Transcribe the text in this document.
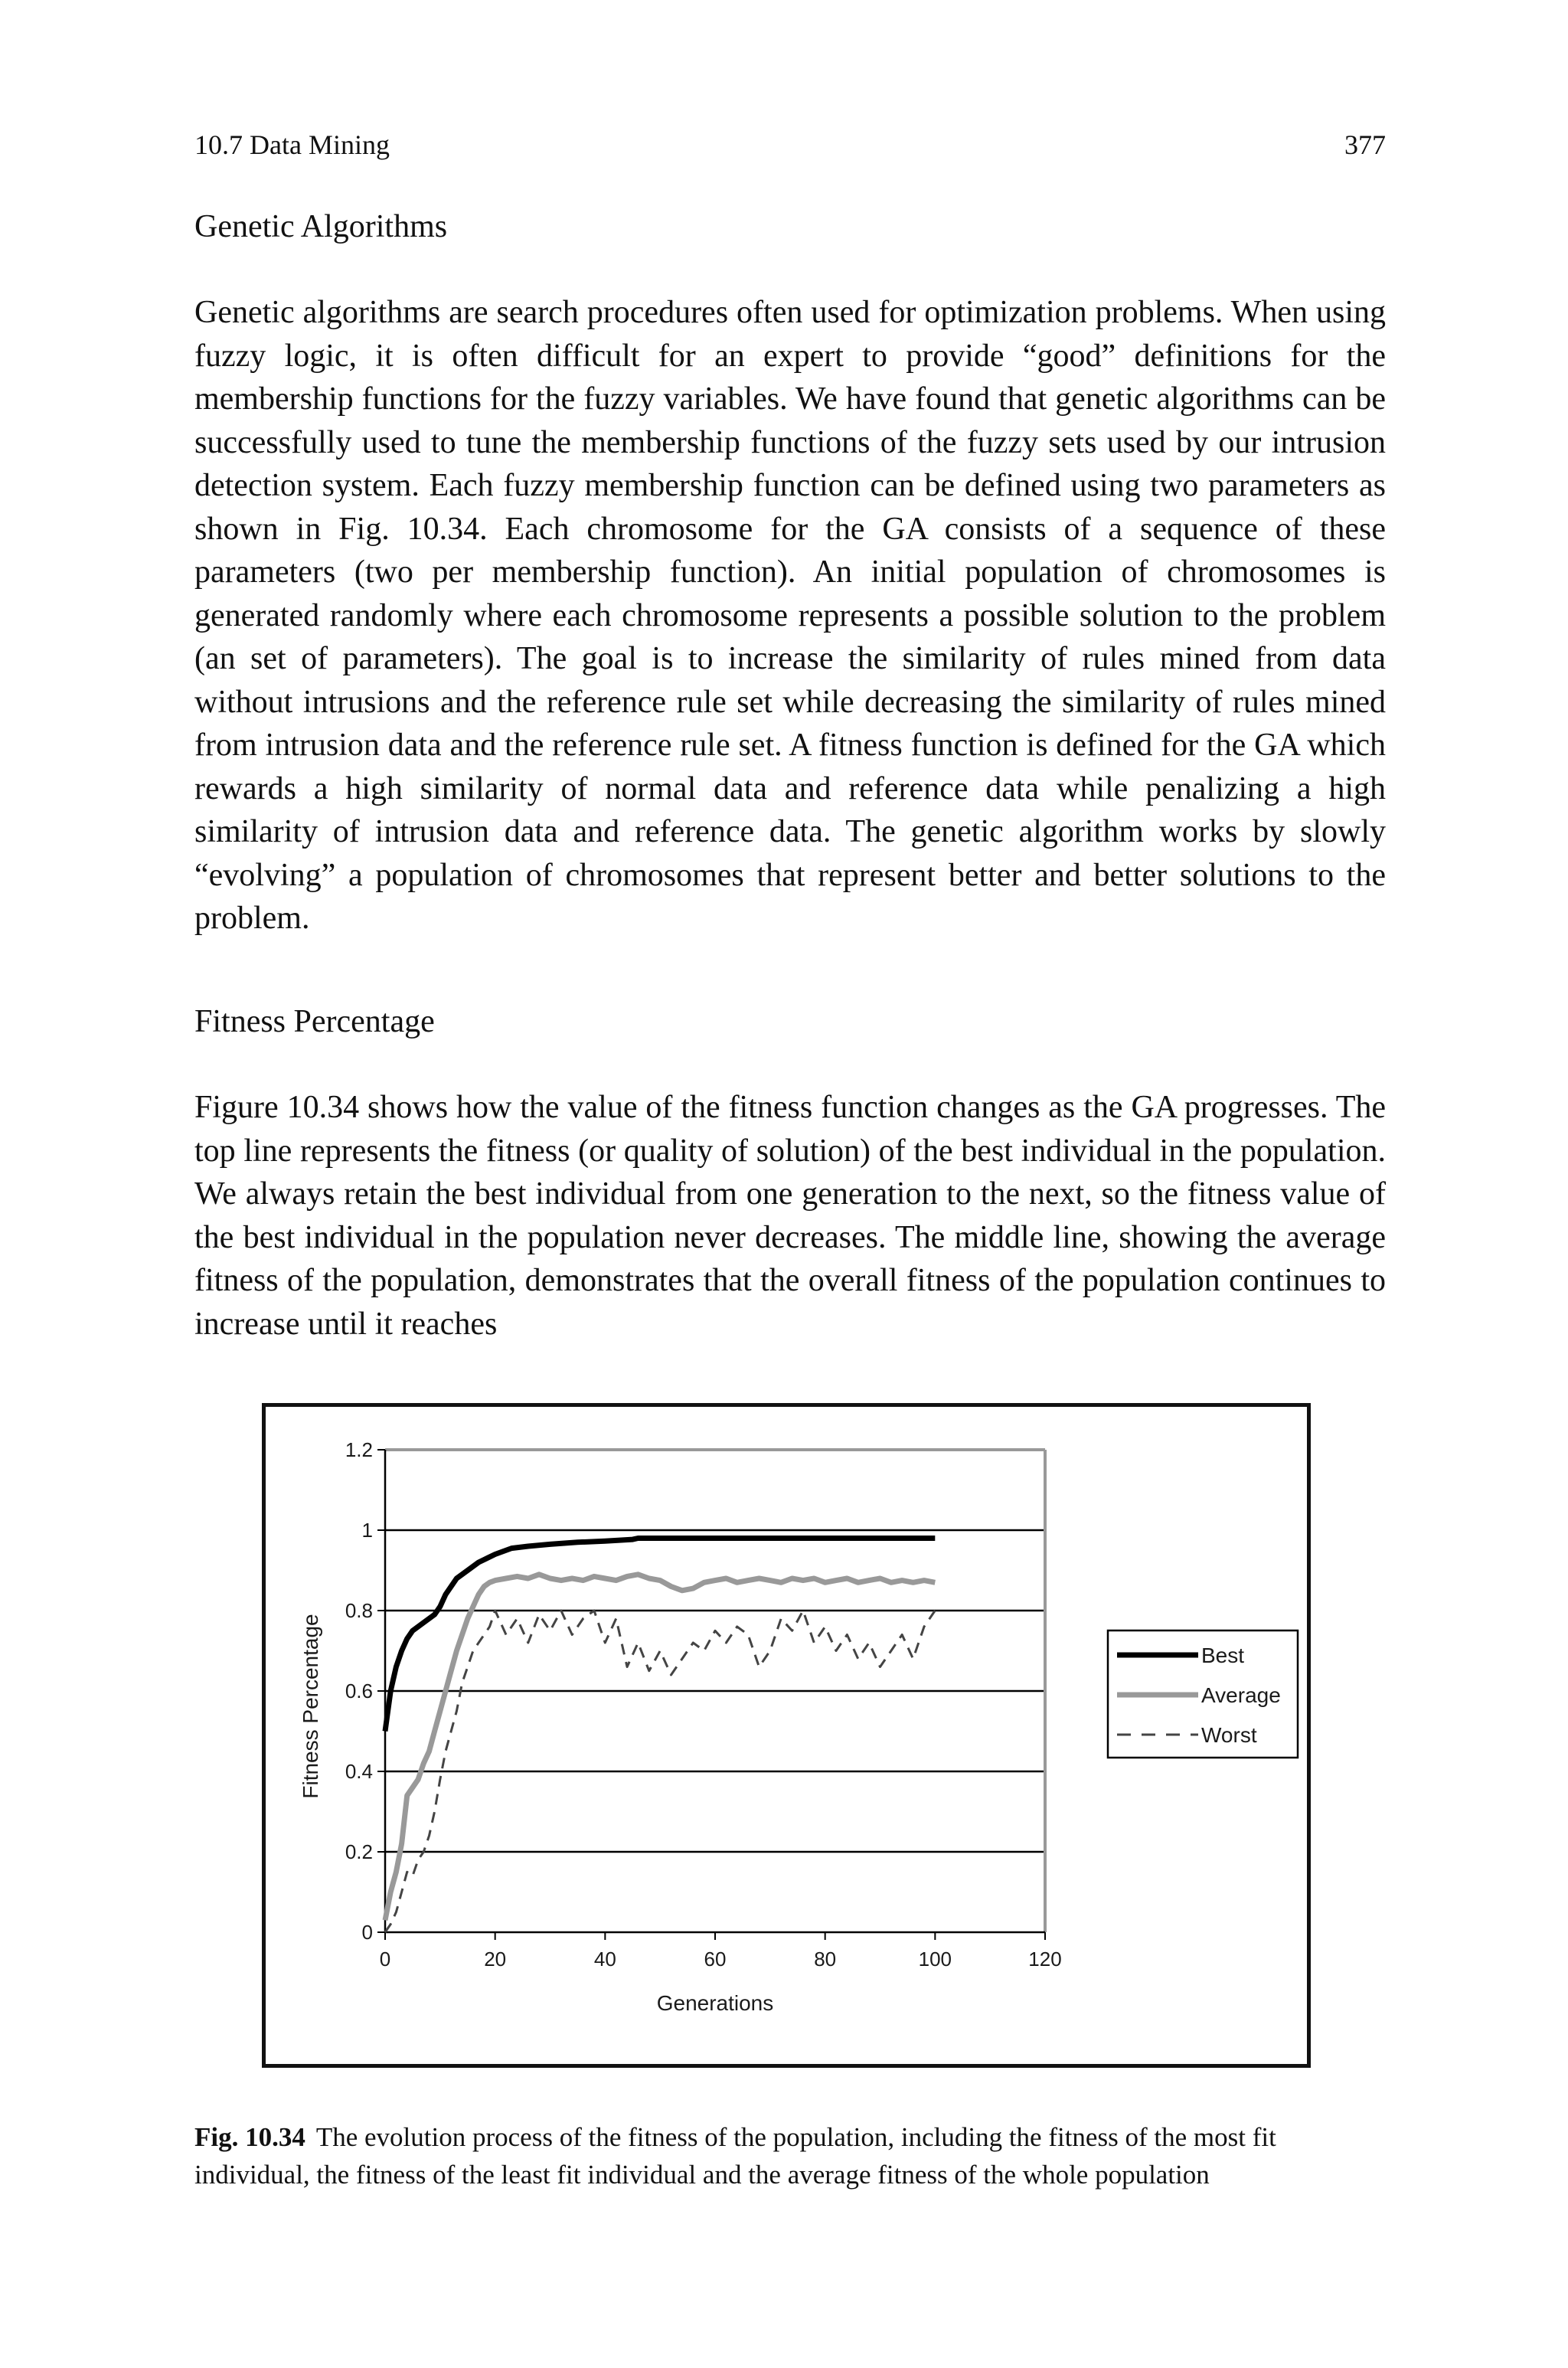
10.7 Data Mining	377
Genetic Algorithms
Genetic algorithms are search procedures often used for optimization problems. When using fuzzy logic, it is often difficult for an expert to provide “good” definitions for the membership functions for the fuzzy variables. We have found that genetic algorithms can be successfully used to tune the membership functions of the fuzzy sets used by our intrusion detection system. Each fuzzy membership function can be defined using two parameters as shown in Fig. 10.34. Each chromosome for the GA consists of a sequence of these parameters (two per membership function). An initial population of chromosomes is generated randomly where each chromosome represents a possible solution to the problem (an set of parameters). The goal is to increase the similarity of rules mined from data without intrusions and the reference rule set while decreasing the similarity of rules mined from intrusion data and the reference rule set. A fitness function is defined for the GA which rewards a high similarity of normal data and reference data while penalizing a high similarity of intrusion data and reference data. The genetic algorithm works by slowly “evolving” a population of chromosomes that represent better and better solutions to the problem.
Fitness Percentage
Figure 10.34 shows how the value of the fitness function changes as the GA progresses. The top line represents the fitness (or quality of solution) of the best individual in the population. We always retain the best individual from one generation to the next, so the fitness value of the best individual in the population never decreases. The middle line, showing the average fitness of the population, demonstrates that the overall fitness of the population continues to increase until it reaches
0
0.2
0.4
0.6
0.8
1
1.2
0	20	40	60	80	100	120
Generations
Fitness Percentage	Best
Average
Worst
Fig. 10.34 The evolution process of the fitness of the population, including the fitness of the most fit individual, the fitness of the least fit individual and the average fitness of the whole population
